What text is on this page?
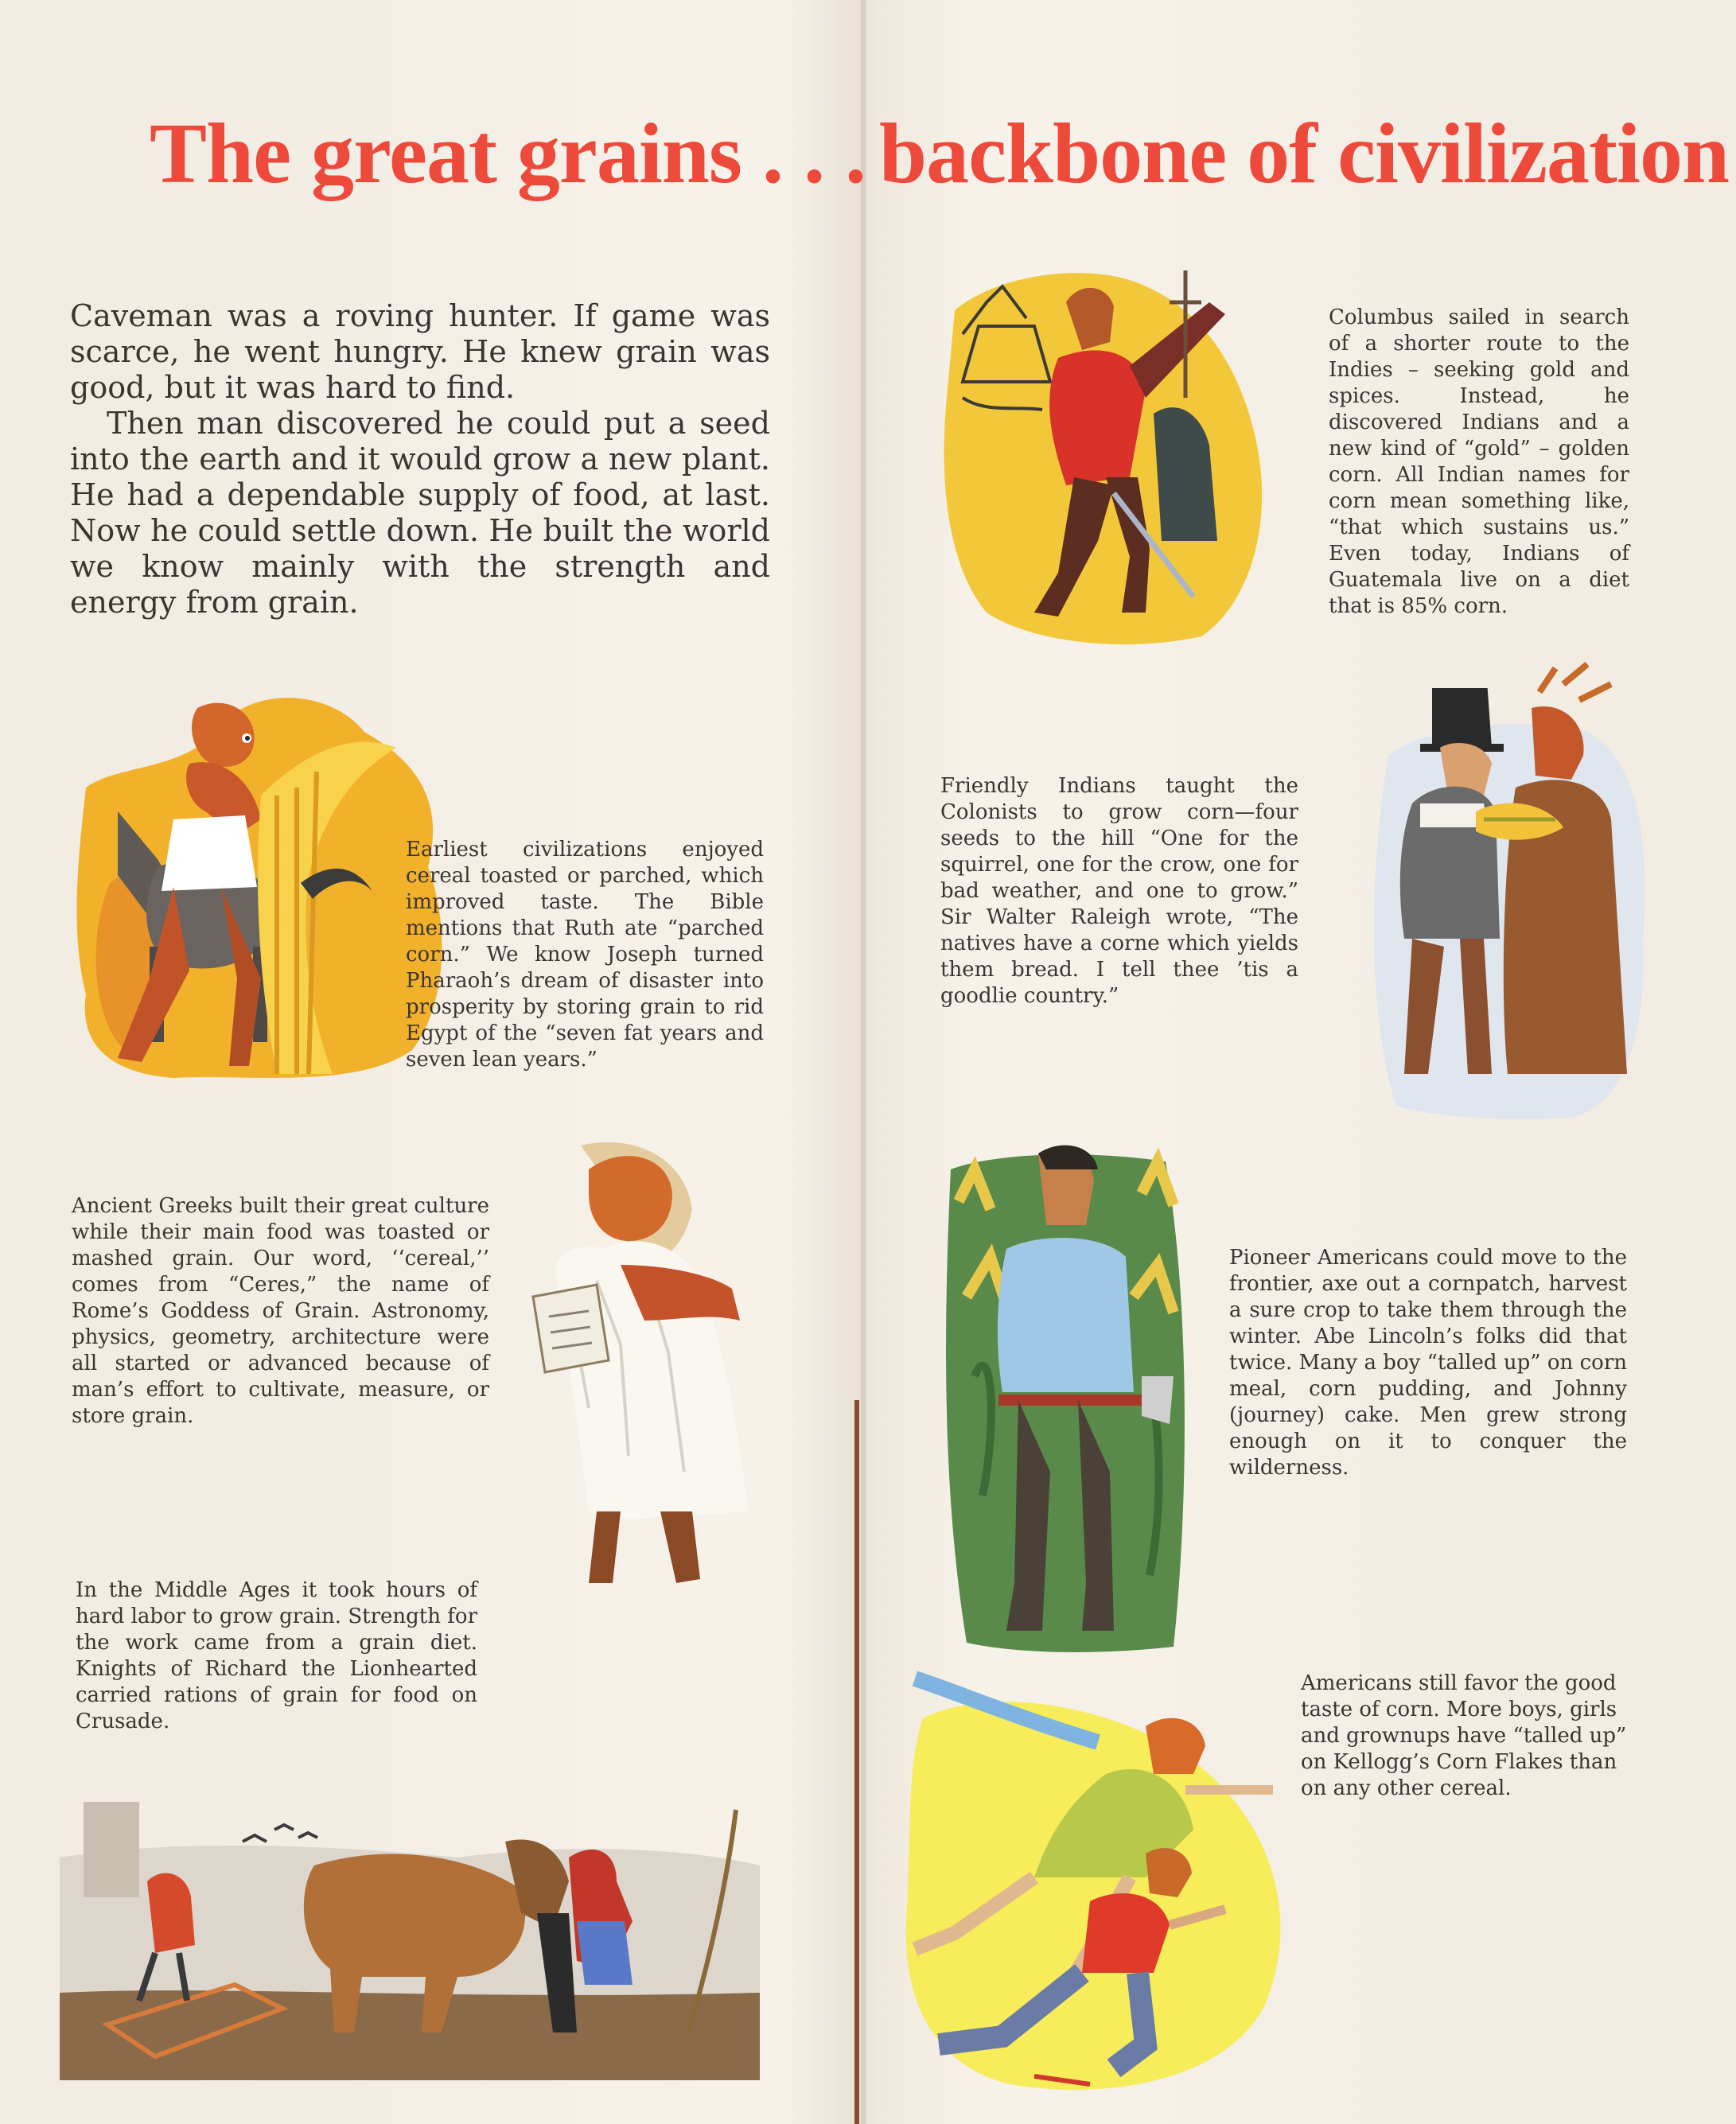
The great grains . . . backbone of civilization

Caveman was a roving hunter. If game was scarce, he went hungry. He knew grain was good, but it was hard to find.

Then man discovered he could put a seed into the earth and it would grow a new plant. He had a dependable supply of food, at last. Now he could settle down. He built the world we know mainly with the strength and energy from grain.

Earliest civilizations enjoyed cereal toasted or parched, which improved taste. The Bible mentions that Ruth ate “parched corn.” We know Joseph turned Pharaoh’s dream of disaster into prosperity by storing grain to rid Egypt of the “seven fat years and seven lean years.”
Ancient Greeks built their great culture while their main food was toasted or mashed grain. Our word, ‘‘cereal,’’ comes from “Ceres,” the name of Rome’s Goddess of Grain. Astronomy, physics, geometry, architecture were all started or advanced because of man’s effort to cultivate, measure, or store grain.
In the Middle Ages it took hours of hard labor to grow grain. Strength for the work came from a grain diet. Knights of Richard the Lionhearted carried rations of grain for food on Crusade.
Columbus sailed in search of a shorter route to the Indies – seeking gold and spices. Instead, he discovered Indians and a new kind of “gold” – golden corn. All Indian names for corn mean something like, “that which sustains us.” Even today, Indians of Guatemala live on a diet that is 85% corn.
Friendly Indians taught the Colonists to grow corn—four seeds to the hill “One for the squirrel, one for the crow, one for bad weather, and one to grow.” Sir Walter Raleigh wrote, “The natives have a corne which yields them bread. I tell thee ’tis a goodlie country.”
Pioneer Americans could move to the frontier, axe out a cornpatch, harvest a sure crop to take them through the winter. Abe Lincoln’s folks did that twice. Many a boy “talled up” on corn meal, corn pudding, and Johnny (journey) cake. Men grew strong enough on it to conquer the wilderness.
Americans still favor the good taste of corn. More boys, girls and grownups have “talled up” on Kellogg’s Corn Flakes than on any other cereal.
